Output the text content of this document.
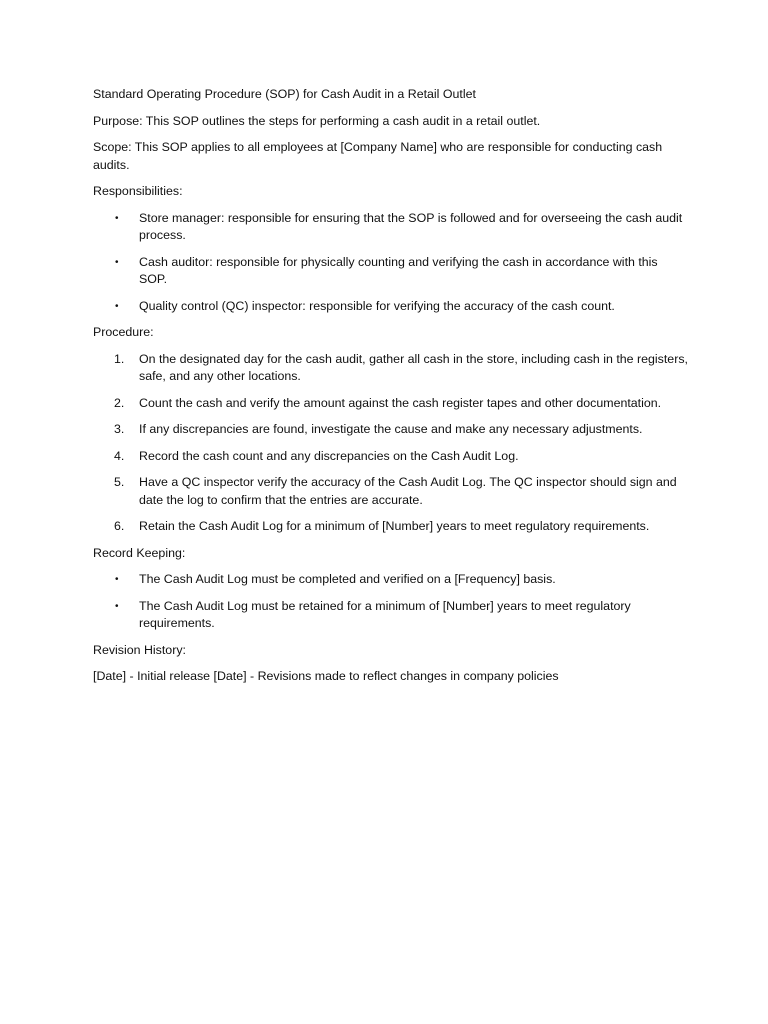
Standard Operating Procedure (SOP) for Cash Audit in a Retail Outlet

Purpose: This SOP outlines the steps for performing a cash audit in a retail outlet.

Scope: This SOP applies to all employees at [Company Name] who are responsible for conducting cash audits.

Responsibilities:

•	Store manager: responsible for ensuring that the SOP is followed and for overseeing the cash audit process.
•	Cash auditor: responsible for physically counting and verifying the cash in accordance with this SOP.
•	Quality control (QC) inspector: responsible for verifying the accuracy of the cash count.

Procedure:

1.	On the designated day for the cash audit, gather all cash in the store, including cash in the registers, safe, and any other locations.
2.	Count the cash and verify the amount against the cash register tapes and other documentation.
3.	If any discrepancies are found, investigate the cause and make any necessary adjustments.
4.	Record the cash count and any discrepancies on the Cash Audit Log.
5.	Have a QC inspector verify the accuracy of the Cash Audit Log. The QC inspector should sign and date the log to confirm that the entries are accurate.
6.	Retain the Cash Audit Log for a minimum of [Number] years to meet regulatory requirements.

Record Keeping:

•	The Cash Audit Log must be completed and verified on a [Frequency] basis.
•	The Cash Audit Log must be retained for a minimum of [Number] years to meet regulatory requirements.

Revision History:

[Date] - Initial release [Date] - Revisions made to reflect changes in company policies
